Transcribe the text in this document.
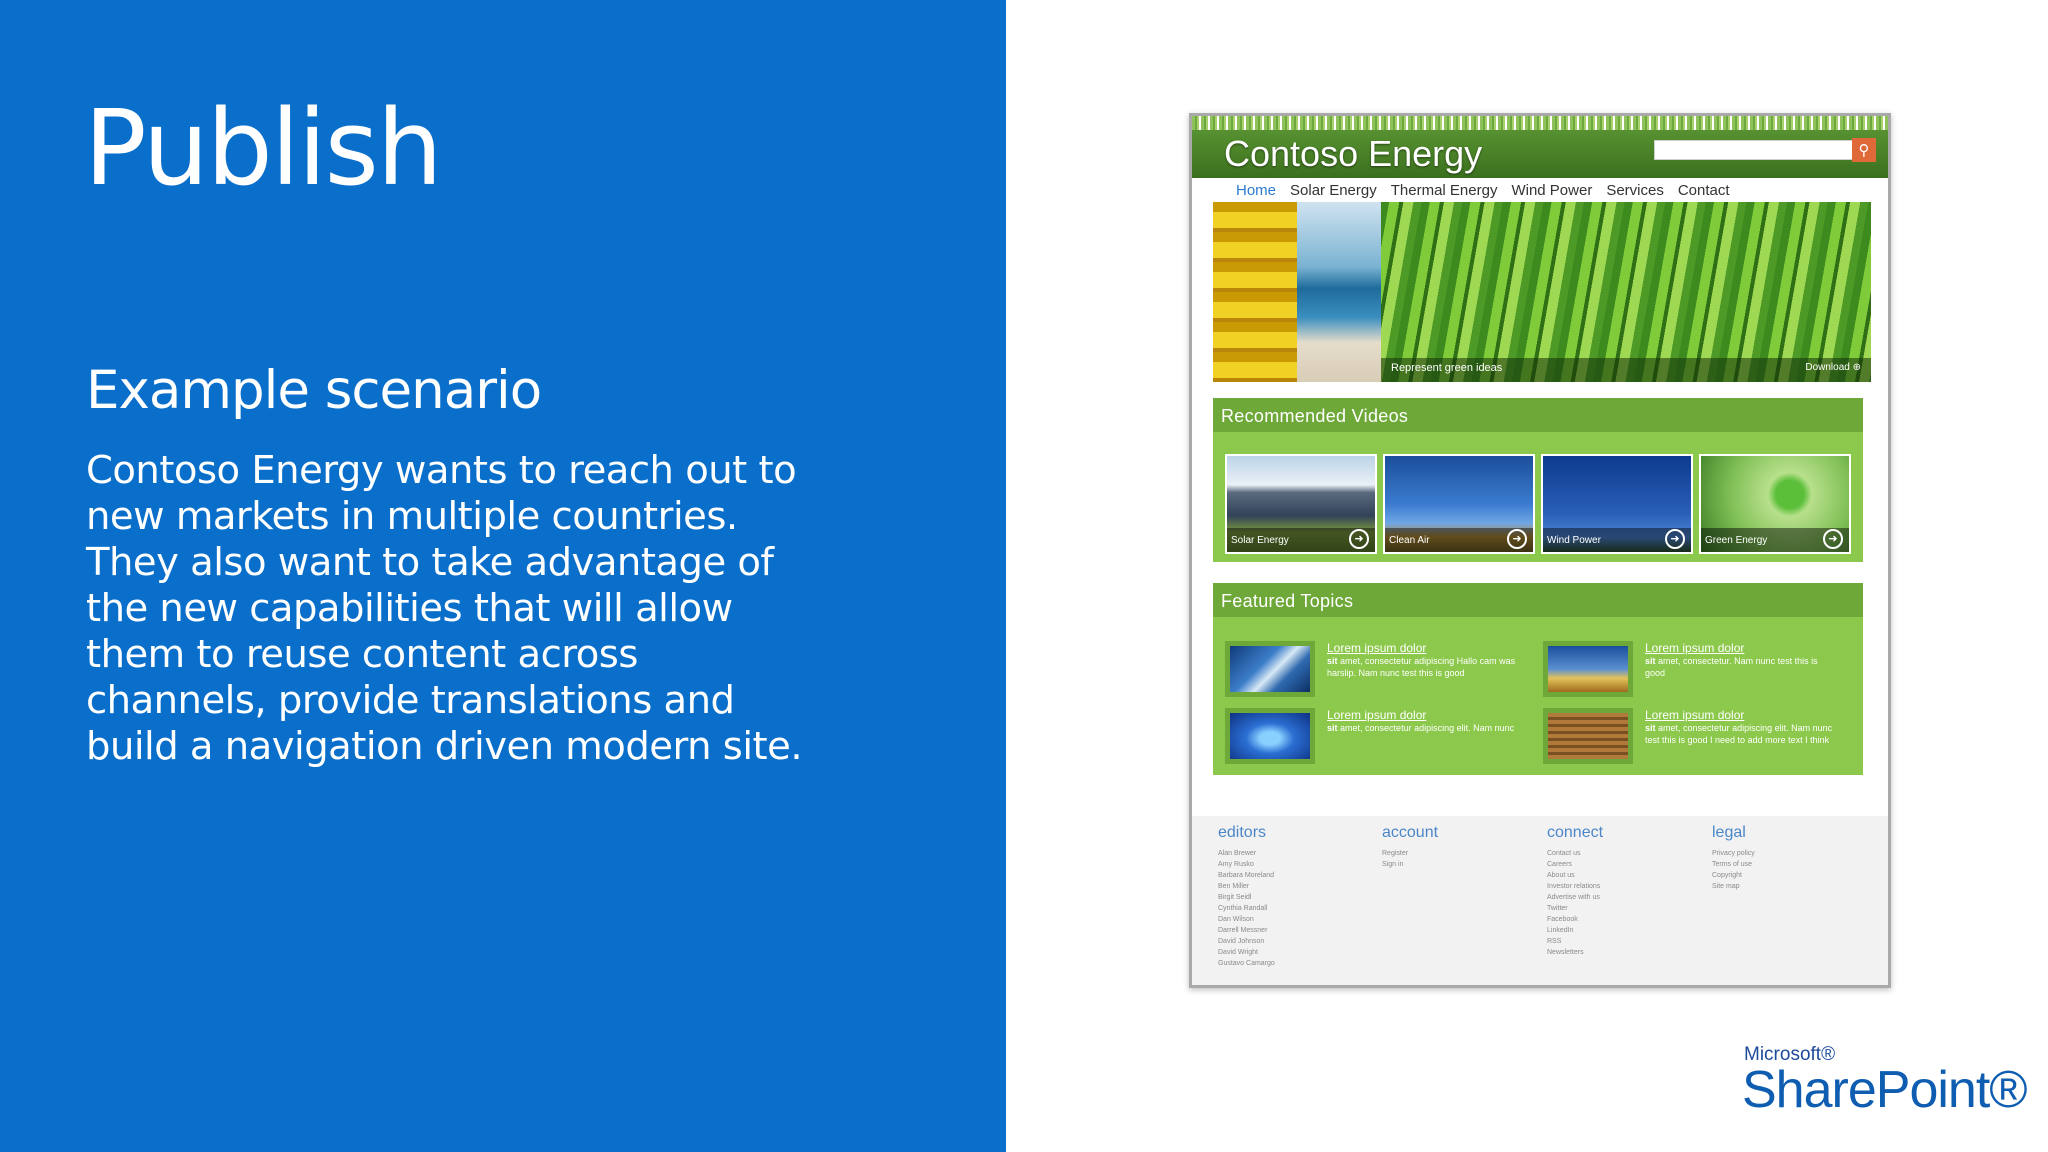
Publish
Example scenario
Contoso Energy wants to reach out to new markets in multiple countries. They also want to take advantage of the new capabilities that will allow them to reuse content across channels, provide translations and build a navigation driven modern site.
Contoso Energy	⚲
Home Solar Energy Thermal Energy Wind Power Services Contact
Represent green ideas	Download ⊕
Recommended Videos
Solar Energy	➜	Clean Air	➜	Wind Power	➜	Green Energy	➜
Featured Topics
Lorem ipsum dolor
sit amet, consectetur adipiscing Hallo cam was harslip. Nam nunc test this is good
Lorem ipsum dolor
sit amet, consectetur. Nam nunc test this is good
Lorem ipsum dolor
sit amet, consectetur adipiscing elit. Nam nunc
Lorem ipsum dolor
sit amet, consectetur adipiscing elit. Nam nunc test this is good I need to add more text I think
editors
Alan Brewer
Amy Rusko
Barbara Moreland
Ben Miller
Birgit Seidl
Cynthia Randall
Dan Wilson
Darrell Messner
David Johnson
David Wright
Gustavo Camargo
account
Register
Sign in
connect
Contact us
Careers
About us
Investor relations
Advertise with us
Twitter
Facebook
LinkedIn
RSS
Newsletters
legal
Privacy policy
Terms of use
Copyright
Site map
Microsoft®
SharePoint®
